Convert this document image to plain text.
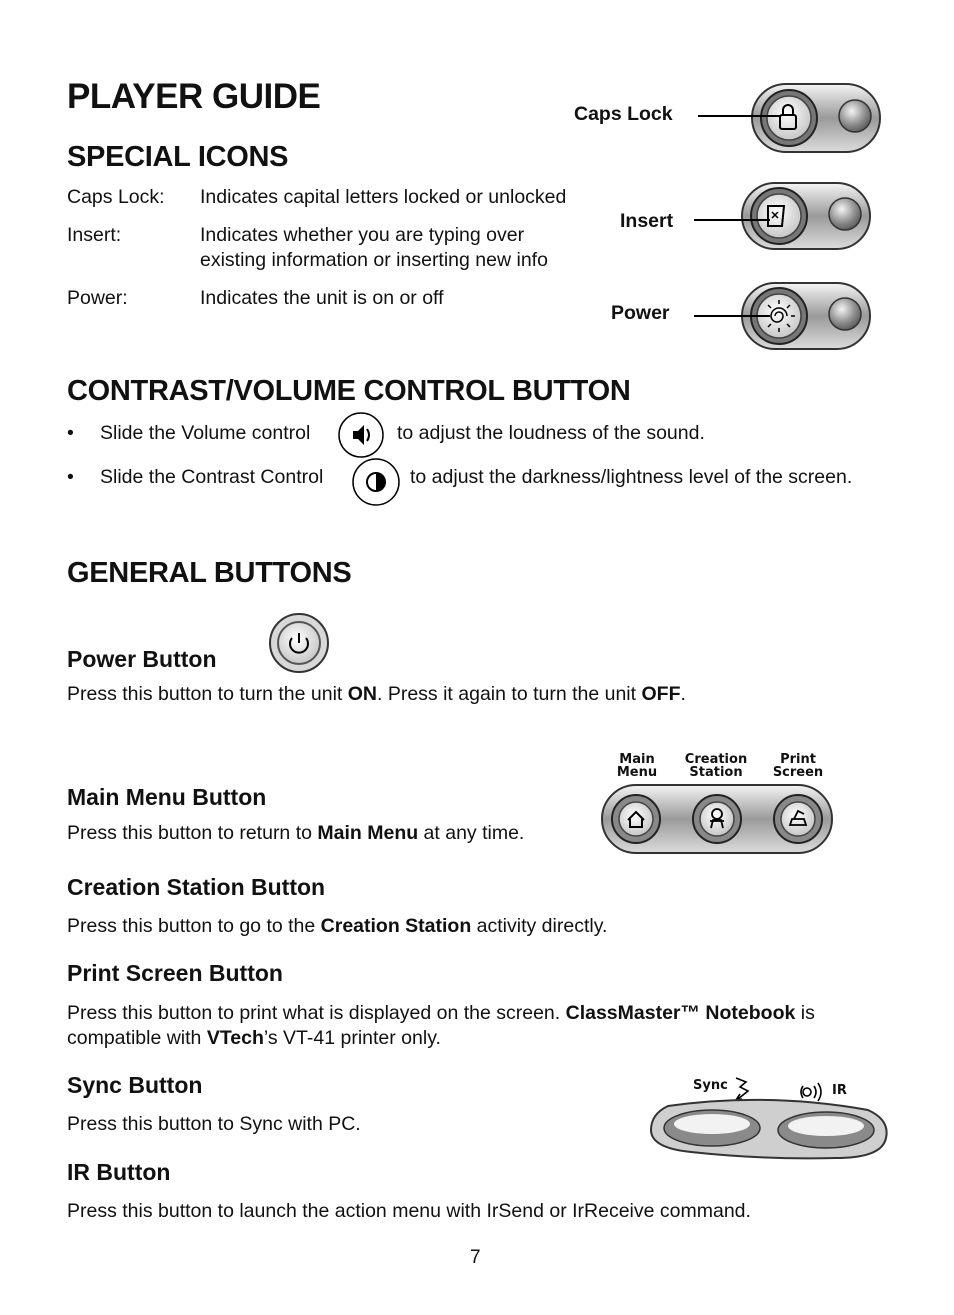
PLAYER GUIDE
SPECIAL ICONS
Caps Lock: Indicates capital letters locked or unlocked
Insert:	Indicates whether you are typing over
existing information or inserting new info
Power:	Indicates the unit is on or off
Caps Lock
Insert
Power
CONTRAST/VOLUME CONTROL BUTTON
• Slide the Volume control	to adjust the loudness of the sound.
• Slide the Contrast Control	to adjust the darkness/lightness level of the screen.
GENERAL BUTTONS
Power Button
Press this button to turn the unit ON. Press it again to turn the unit OFF.
Main Menu Button
Press this button to return to Main Menu at any time.
Main
Menu
Creation
Station
Print
Screen
Creation Station Button
Press this button to go to the Creation Station activity directly.
Print Screen Button
Press this button to print what is displayed on the screen. ClassMaster™ Notebook is
compatible with VTech’s VT-41 printer only.
Sync Button
Press this button to Sync with PC.
Sync	IR
IR Button
Press this button to launch the action menu with IrSend or IrReceive command.
7
